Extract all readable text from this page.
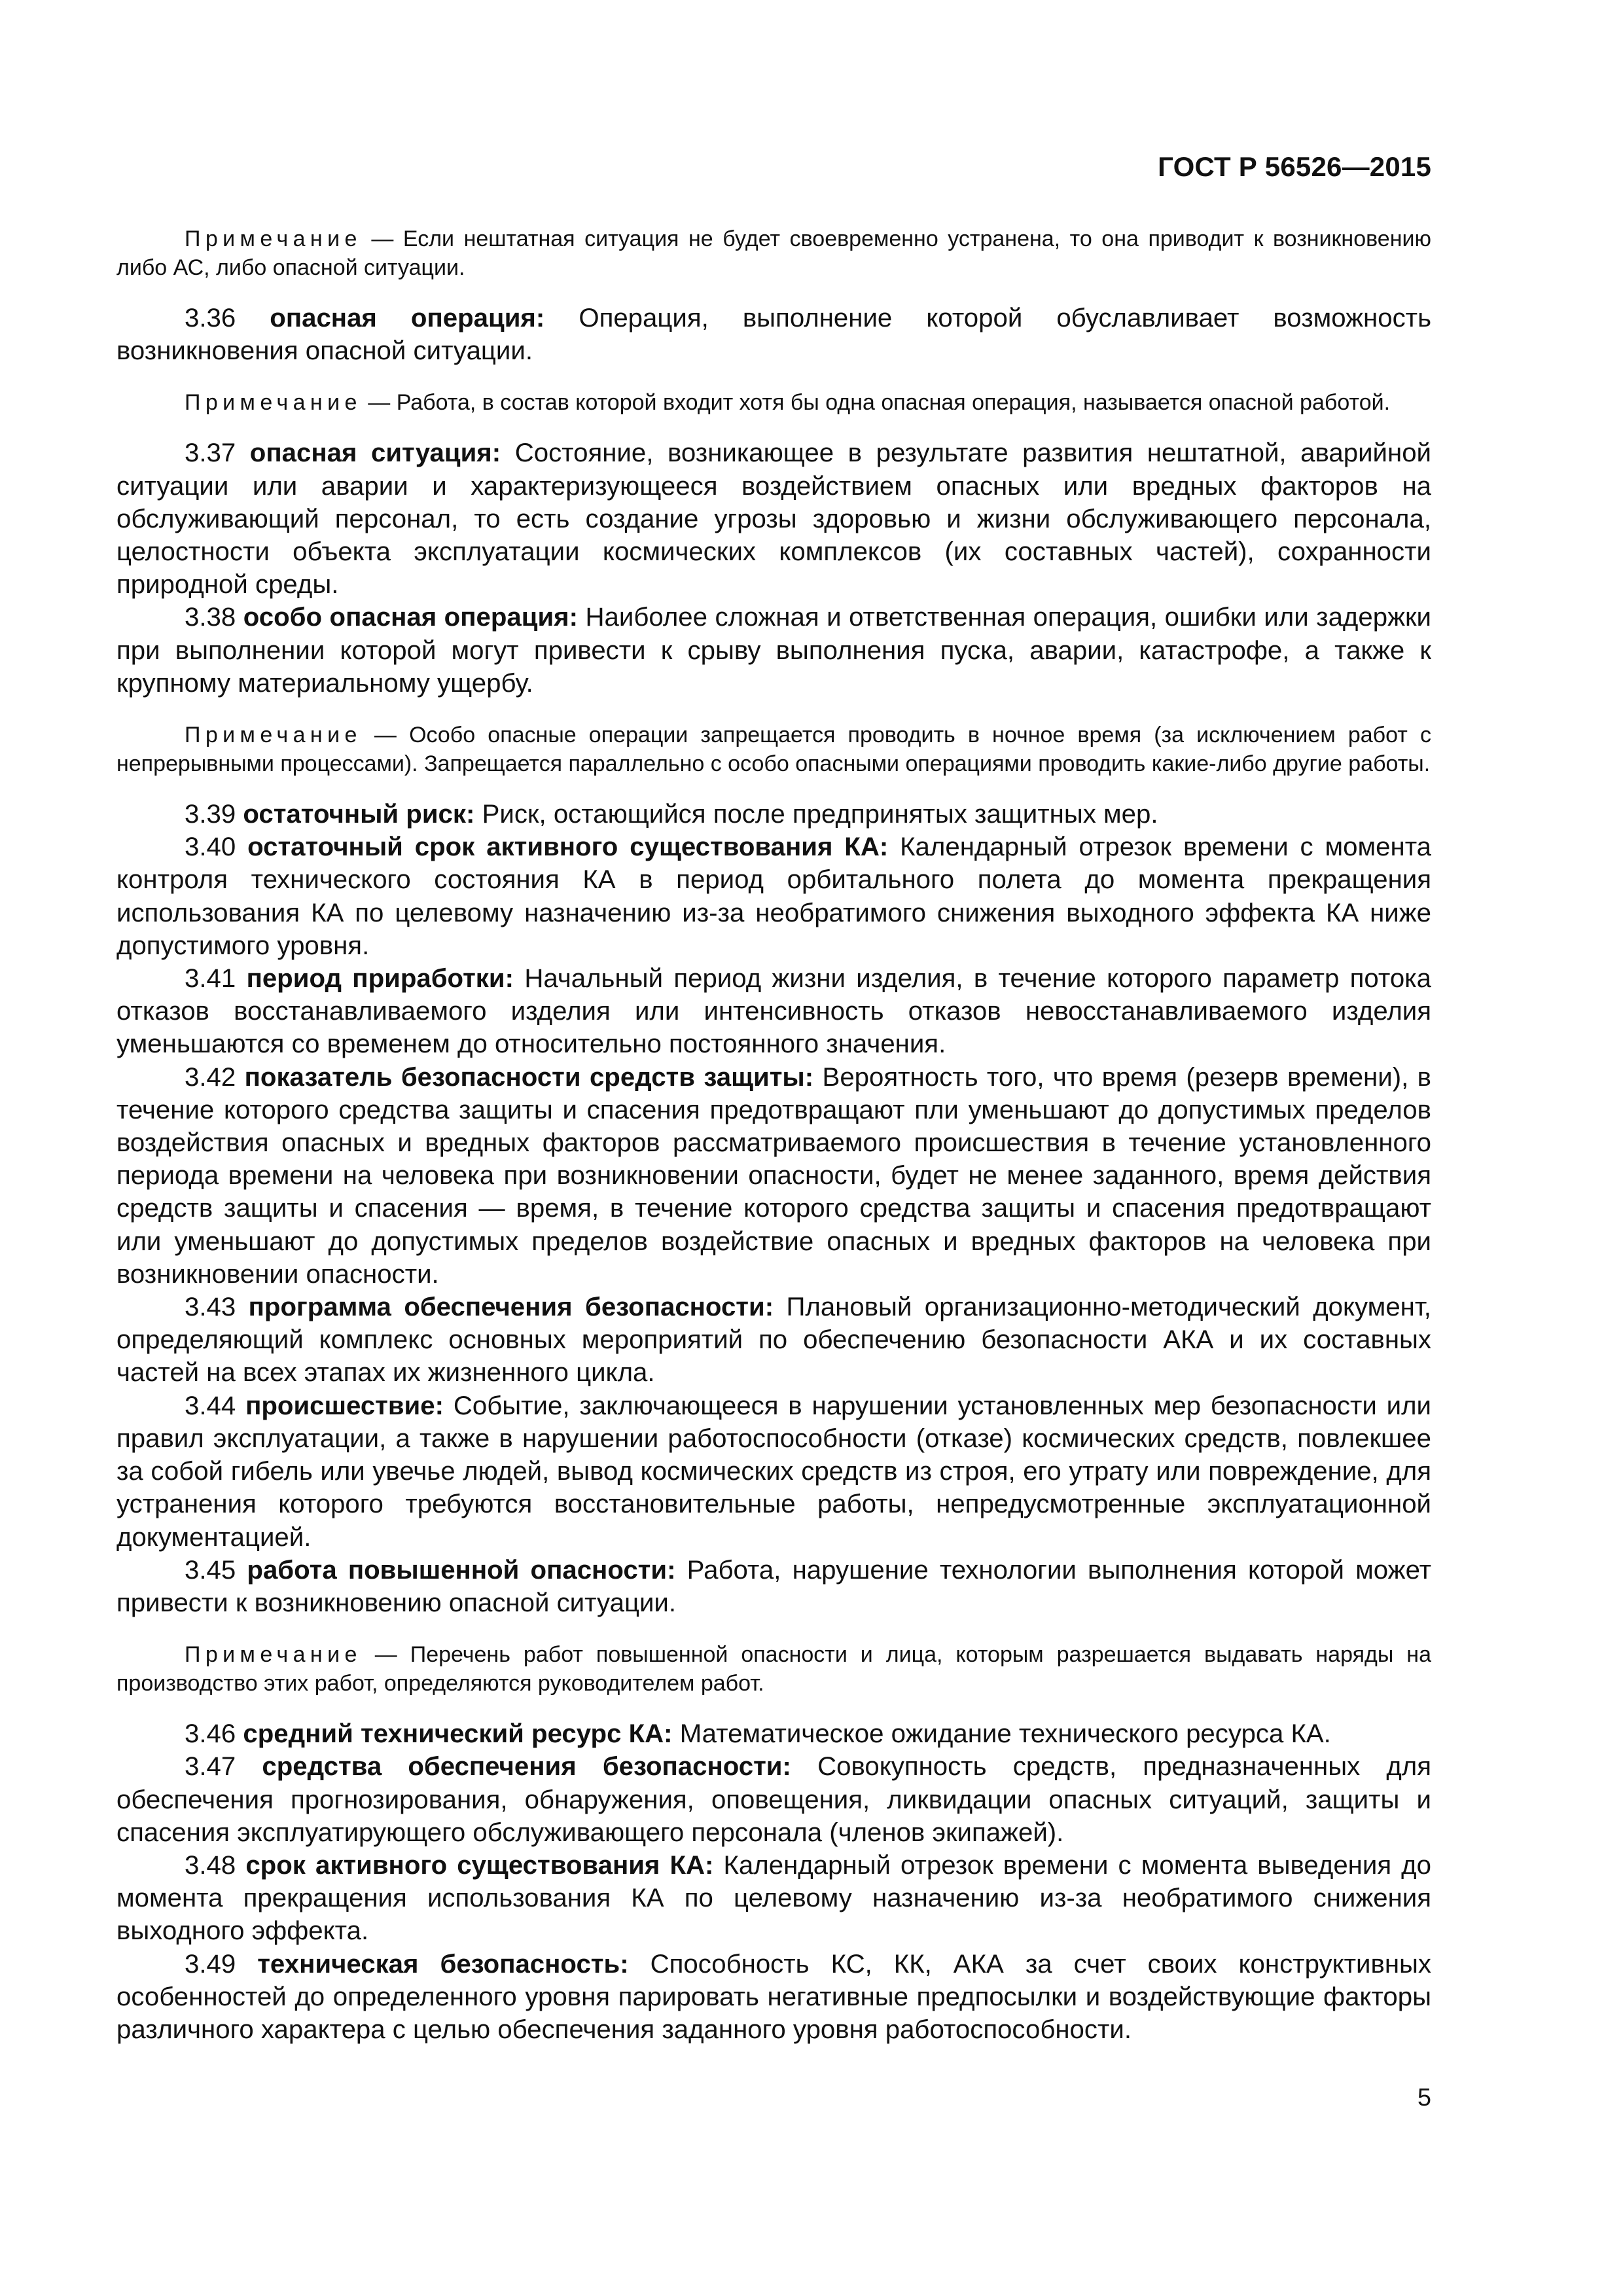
ГОСТ Р 56526—2015

Примечание — Если нештатная ситуация не будет своевременно устранена, то она приводит к возникновению либо АС, либо опасной ситуации.

3.36 опасная операция: Операция, выполнение которой обуславливает возможность возникновения опасной ситуации.

Примечание — Работа, в состав которой входит хотя бы одна опасная операция, называется опасной работой.

3.37 опасная ситуация: Состояние, возникающее в результате развития нештатной, аварийной ситуации или аварии и характеризующееся воздействием опасных или вредных факторов на обслуживающий персонал, то есть создание угрозы здоровью и жизни обслуживающего персонала, целостности объекта эксплуатации космических комплексов (их составных частей), сохранности природной среды.

3.38 особо опасная операция: Наиболее сложная и ответственная операция, ошибки или задержки при выполнении которой могут привести к срыву выполнения пуска, аварии, катастрофе, а также к крупному материальному ущербу.

Примечание — Особо опасные операции запрещается проводить в ночное время (за исключением работ с непрерывными процессами). Запрещается параллельно с особо опасными операциями проводить какие-либо другие работы.

3.39 остаточный риск: Риск, остающийся после предпринятых защитных мер.

3.40 остаточный срок активного существования КА: Календарный отрезок времени с момента контроля технического состояния КА в период орбитального полета до момента прекращения использования КА по целевому назначению из-за необратимого снижения выходного эффекта КА ниже допустимого уровня.

3.41 период приработки: Начальный период жизни изделия, в течение которого параметр потока отказов восстанавливаемого изделия или интенсивность отказов невосстанавливаемого изделия уменьшаются со временем до относительно постоянного значения.

3.42 показатель безопасности средств защиты: Вероятность того, что время (резерв времени), в течение которого средства защиты и спасения предотвращают пли уменьшают до допустимых пределов воздействия опасных и вредных факторов рассматриваемого происшествия в течение установленного периода времени на человека при возникновении опасности, будет не менее заданного, время действия средств защиты и спасения — время, в течение которого средства защиты и спасения предотвращают или уменьшают до допустимых пределов воздействие опасных и вредных факторов на человека при возникновении опасности.

3.43 программа обеспечения безопасности: Плановый организационно-методический документ, определяющий комплекс основных мероприятий по обеспечению безопасности АКА и их составных частей на всех этапах их жизненного цикла.

3.44 происшествие: Событие, заключающееся в нарушении установленных мер безопасности или правил эксплуатации, а также в нарушении работоспособности (отказе) космических средств, повлекшее за собой гибель или увечье людей, вывод космических средств из строя, его утрату или повреждение, для устранения которого требуются восстановительные работы, непредусмотренные эксплуатационной документацией.

3.45 работа повышенной опасности: Работа, нарушение технологии выполнения которой может привести к возникновению опасной ситуации.

Примечание — Перечень работ повышенной опасности и лица, которым разрешается выдавать наряды на производство этих работ, определяются руководителем работ.

3.46 средний технический ресурс КА: Математическое ожидание технического ресурса КА.

3.47 средства обеспечения безопасности: Совокупность средств, предназначенных для обеспечения прогнозирования, обнаружения, оповещения, ликвидации опасных ситуаций, защиты и спасения эксплуатирующего обслуживающего персонала (членов экипажей).

3.48 срок активного существования КА: Календарный отрезок времени с момента выведения до момента прекращения использования КА по целевому назначению из-за необратимого снижения выходного эффекта.

3.49 техническая безопасность: Способность КС, КК, АКА за счет своих конструктивных особенностей до определенного уровня парировать негативные предпосылки и воздействующие факторы различного характера с целью обеспечения заданного уровня работоспособности.

5
